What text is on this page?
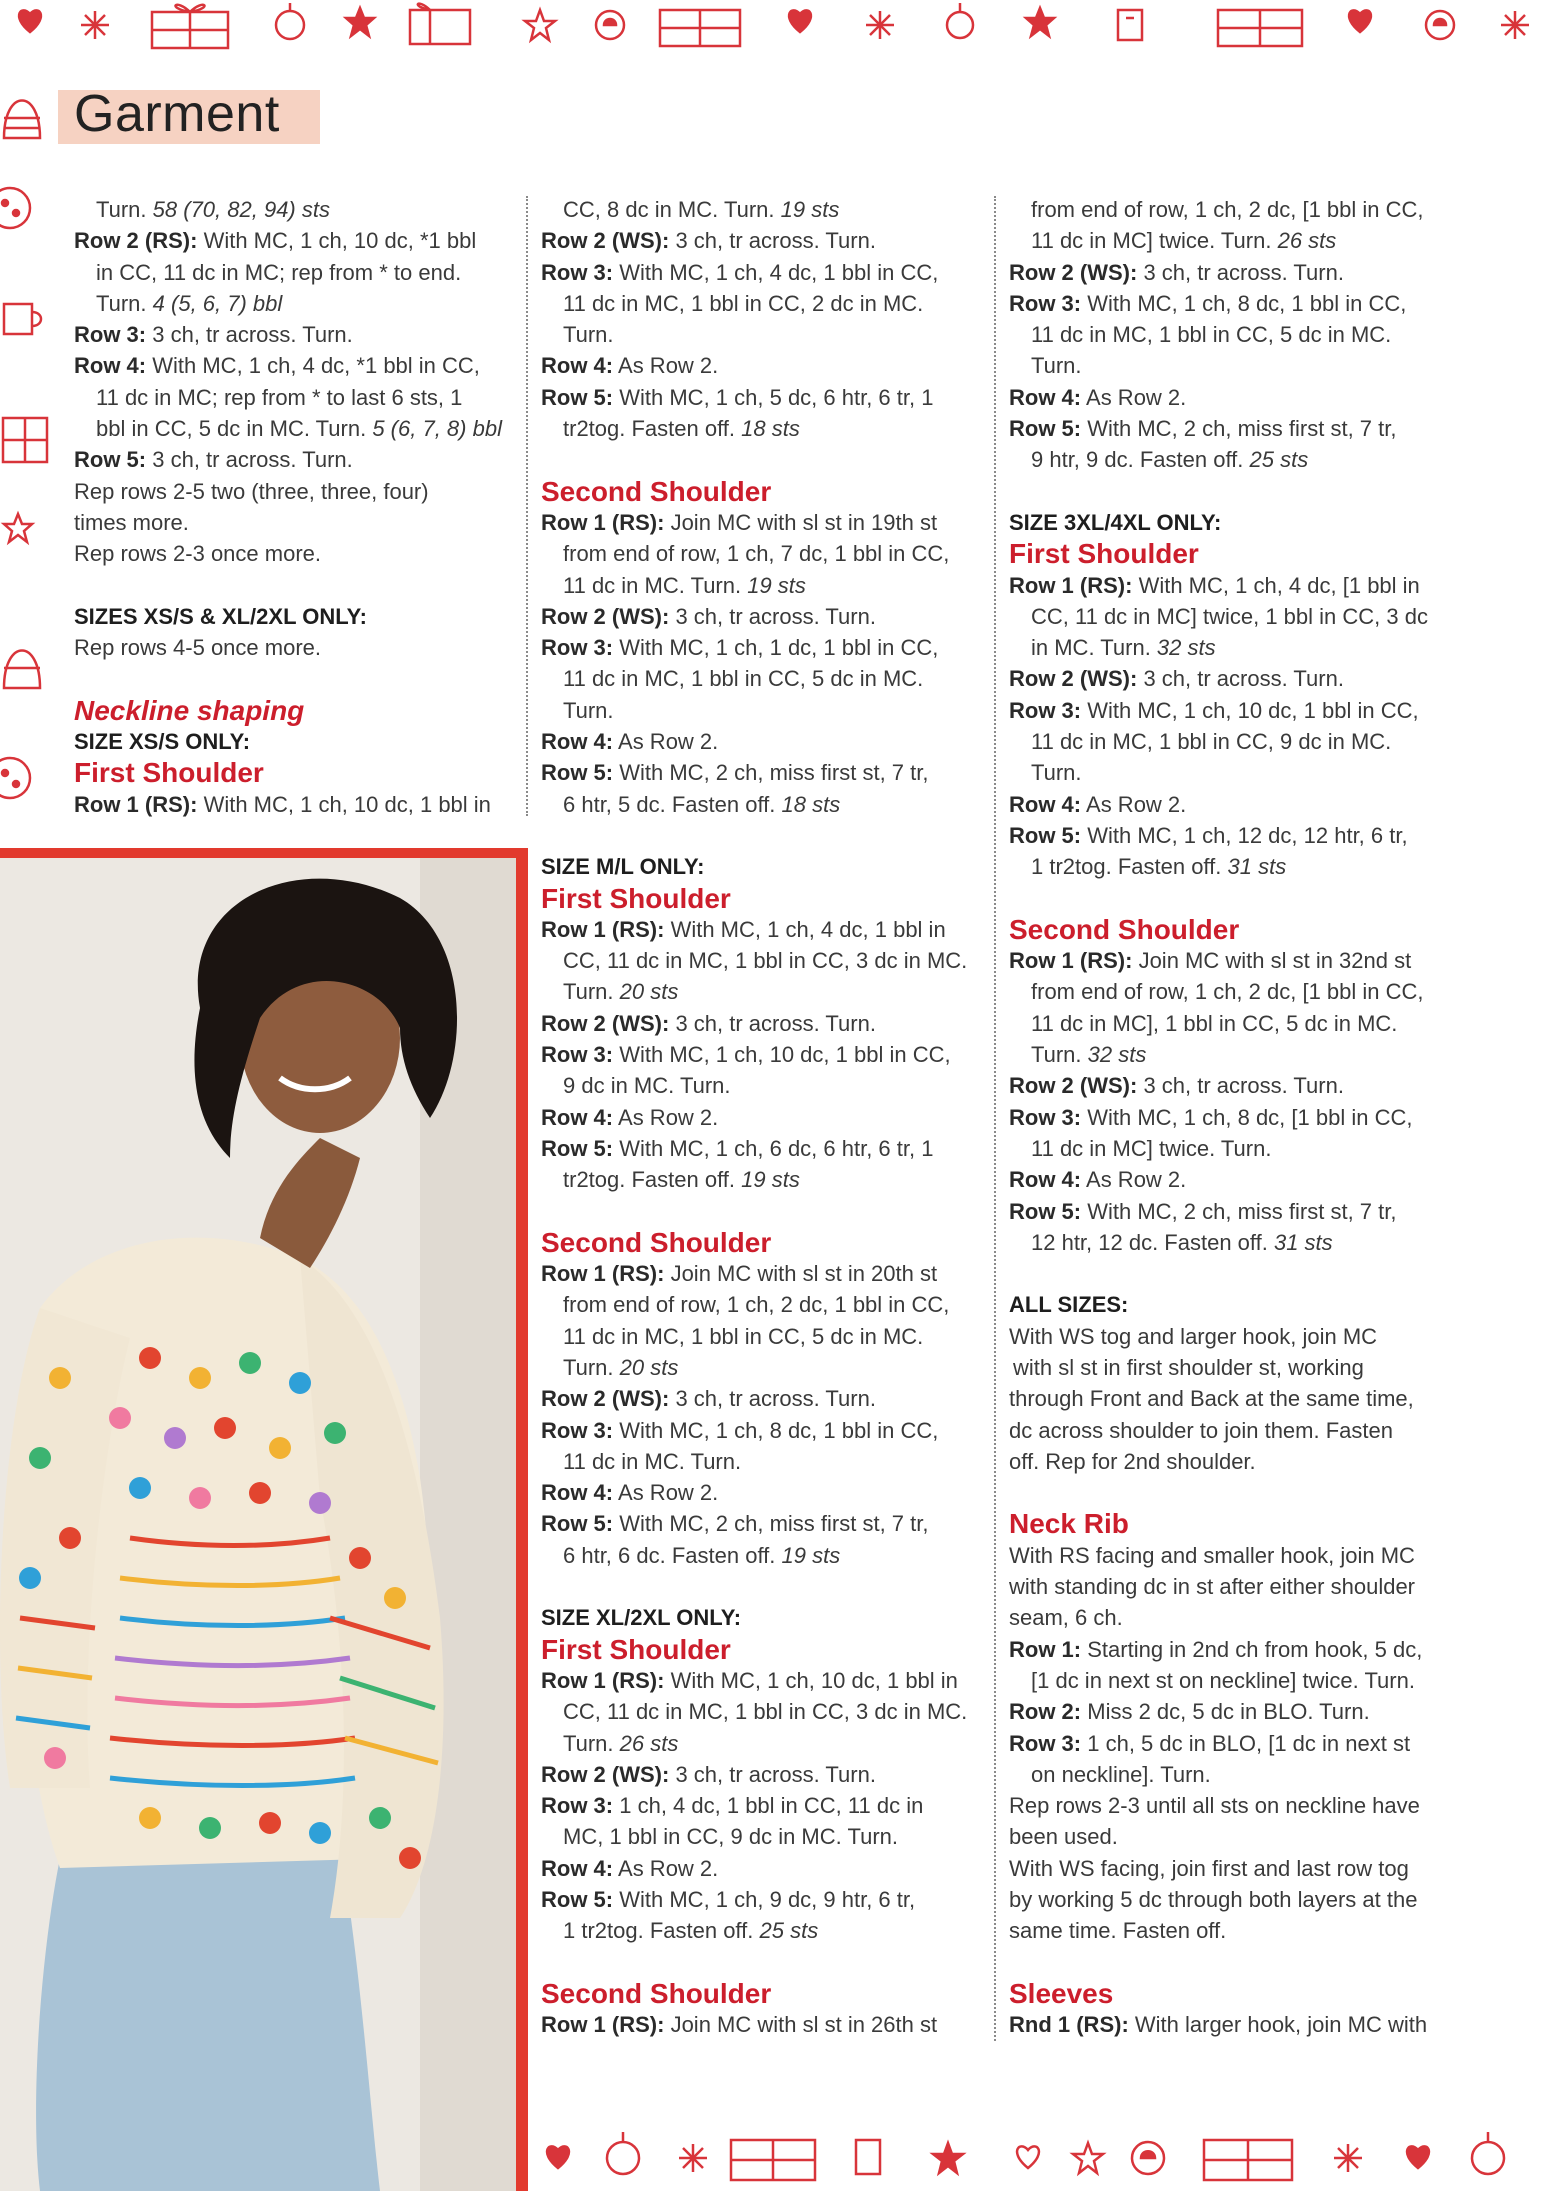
Garment
Turn. 58 (70, 82, 94) sts
Row 2 (RS): With MC, 1 ch, 10 dc, *1 bbl
in CC, 11 dc in MC; rep from * to end.
Turn. 4 (5, 6, 7) bbl
Row 3: 3 ch, tr across. Turn.
Row 4: With MC, 1 ch, 4 dc, *1 bbl in CC,
11 dc in MC; rep from * to last 6 sts, 1
bbl in CC, 5 dc in MC. Turn. 5 (6, 7, 8) bbl
Row 5: 3 ch, tr across. Turn.
Rep rows 2-5 two (three, three, four)
times more.
Rep rows 2-3 once more.
SIZES XS/S & XL/2XL ONLY:
Rep rows 4-5 once more.
Neckline shaping
SIZE XS/S ONLY:
First Shoulder
Row 1 (RS): With MC, 1 ch, 10 dc, 1 bbl in
CC, 8 dc in MC. Turn. 19 sts
Row 2 (WS): 3 ch, tr across. Turn.
Row 3: With MC, 1 ch, 4 dc, 1 bbl in CC,
11 dc in MC, 1 bbl in CC, 2 dc in MC.
Turn.
Row 4: As Row 2.
Row 5: With MC, 1 ch, 5 dc, 6 htr, 6 tr, 1
tr2tog. Fasten off. 18 sts
Second Shoulder
Row 1 (RS): Join MC with sl st in 19th st
from end of row, 1 ch, 7 dc, 1 bbl in CC,
11 dc in MC. Turn. 19 sts
Row 2 (WS): 3 ch, tr across. Turn.
Row 3: With MC, 1 ch, 1 dc, 1 bbl in CC,
11 dc in MC, 1 bbl in CC, 5 dc in MC.
Turn.
Row 4: As Row 2.
Row 5: With MC, 2 ch, miss first st, 7 tr,
6 htr, 5 dc. Fasten off. 18 sts
SIZE M/L ONLY:
First Shoulder
Row 1 (RS): With MC, 1 ch, 4 dc, 1 bbl in
CC, 11 dc in MC, 1 bbl in CC, 3 dc in MC.
Turn. 20 sts
Row 2 (WS): 3 ch, tr across. Turn.
Row 3: With MC, 1 ch, 10 dc, 1 bbl in CC,
9 dc in MC. Turn.
Row 4: As Row 2.
Row 5: With MC, 1 ch, 6 dc, 6 htr, 6 tr, 1
tr2tog. Fasten off. 19 sts
Second Shoulder
Row 1 (RS): Join MC with sl st in 20th st
from end of row, 1 ch, 2 dc, 1 bbl in CC,
11 dc in MC, 1 bbl in CC, 5 dc in MC.
Turn. 20 sts
Row 2 (WS): 3 ch, tr across. Turn.
Row 3: With MC, 1 ch, 8 dc, 1 bbl in CC,
11 dc in MC. Turn.
Row 4: As Row 2.
Row 5: With MC, 2 ch, miss first st, 7 tr,
6 htr, 6 dc. Fasten off. 19 sts
SIZE XL/2XL ONLY:
First Shoulder
Row 1 (RS): With MC, 1 ch, 10 dc, 1 bbl in
CC, 11 dc in MC, 1 bbl in CC, 3 dc in MC.
Turn. 26 sts
Row 2 (WS): 3 ch, tr across. Turn.
Row 3: 1 ch, 4 dc, 1 bbl in CC, 11 dc in
MC, 1 bbl in CC, 9 dc in MC. Turn.
Row 4: As Row 2.
Row 5: With MC, 1 ch, 9 dc, 9 htr, 6 tr,
1 tr2tog. Fasten off. 25 sts
Second Shoulder
Row 1 (RS): Join MC with sl st in 26th st
from end of row, 1 ch, 2 dc, [1 bbl in CC,
11 dc in MC] twice. Turn. 26 sts
Row 2 (WS): 3 ch, tr across. Turn.
Row 3: With MC, 1 ch, 8 dc, 1 bbl in CC,
11 dc in MC, 1 bbl in CC, 5 dc in MC.
Turn.
Row 4: As Row 2.
Row 5: With MC, 2 ch, miss first st, 7 tr,
9 htr, 9 dc. Fasten off. 25 sts
SIZE 3XL/4XL ONLY:
First Shoulder
Row 1 (RS): With MC, 1 ch, 4 dc, [1 bbl in
CC, 11 dc in MC] twice, 1 bbl in CC, 3 dc
in MC. Turn. 32 sts
Row 2 (WS): 3 ch, tr across. Turn.
Row 3: With MC, 1 ch, 10 dc, 1 bbl in CC,
11 dc in MC, 1 bbl in CC, 9 dc in MC.
Turn.
Row 4: As Row 2.
Row 5: With MC, 1 ch, 12 dc, 12 htr, 6 tr,
1 tr2tog. Fasten off. 31 sts
Second Shoulder
Row 1 (RS): Join MC with sl st in 32nd st
from end of row, 1 ch, 2 dc, [1 bbl in CC,
11 dc in MC], 1 bbl in CC, 5 dc in MC.
Turn. 32 sts
Row 2 (WS): 3 ch, tr across. Turn.
Row 3: With MC, 1 ch, 8 dc, [1 bbl in CC,
11 dc in MC] twice. Turn.
Row 4: As Row 2.
Row 5: With MC, 2 ch, miss first st, 7 tr,
12 htr, 12 dc. Fasten off. 31 sts
ALL SIZES:
With WS tog and larger hook, join MC
with sl st in first shoulder st, working
through Front and Back at the same time,
dc across shoulder to join them. Fasten
off. Rep for 2nd shoulder.
Neck Rib
With RS facing and smaller hook, join MC
with standing dc in st after either shoulder
seam, 6 ch.
Row 1: Starting in 2nd ch from hook, 5 dc,
[1 dc in next st on neckline] twice. Turn.
Row 2: Miss 2 dc, 5 dc in BLO. Turn.
Row 3: 1 ch, 5 dc in BLO, [1 dc in next st
on neckline]. Turn.
Rep rows 2-3 until all sts on neckline have
been used.
With WS facing, join first and last row tog
by working 5 dc through both layers at the
same time. Fasten off.
Sleeves
Rnd 1 (RS): With larger hook, join MC with
